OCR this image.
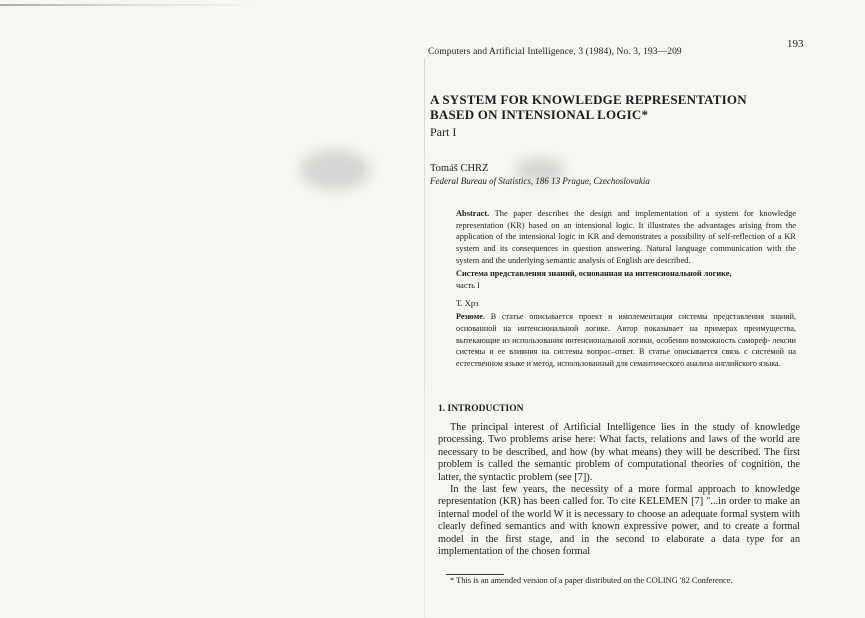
Computers and Artificial Intelligence, 3 (1984), No. 3, 193—209
193
A SYSTEM FOR KNOWLEDGE REPRESENTATION
BASED ON INTENSIONAL LOGIC*
Part I
Tomáš CHRZ
Federal Bureau of Statistics, 186 13 Prague, Czechoslovakia
Abstract. The paper describes the design and implementation of a system for knowledge representation (KR) based on an intensional logic. It illustrates the advantages arising from the application of the intensional logic in KR and demonstrates a possibility of self-reflection of a KR system and its consequences in question answering. Natural language communication with the system and the underlying semantic analysis of English are described.
Система представления знаний, основанная на интенсиональной логике,
часть I
Т. Хрз
Резюме. В статье описывается проект и имплементация системы представления знаний, основанной на интенсиональной логике. Автор показывает на примерах преимущества, вытекающие из использования интенсиональной логики, особенно возможность самореф- лексии системы и ее влияния на системы вопрос–ответ. В статье описывается связь с системой на естественном языке и метод, использованный для семантического анализа английского языка.
1. INTRODUCTION

The principal interest of Artificial Intelligence lies in the study of knowledge processing. Two problems arise here: What facts, relations and laws of the world are necessary to be described, and how (by what means) they will be described. The first problem is called the semantic problem of computational theories of cognition, the latter, the syntactic problem (see [7]).

In the last few years, the necessity of a more formal approach to knowledge representation (KR) has been called for. To cite KELEMEN [7] "...in order to make an internal model of the world W it is necessary to choose an adequate formal system with clearly defined semantics and with known expressive power, and to create a formal model in the first stage, and in the second to elaborate a data type for an implementation of the chosen formal

* This is an amended version of a paper distributed on the COLING '82 Conference.
